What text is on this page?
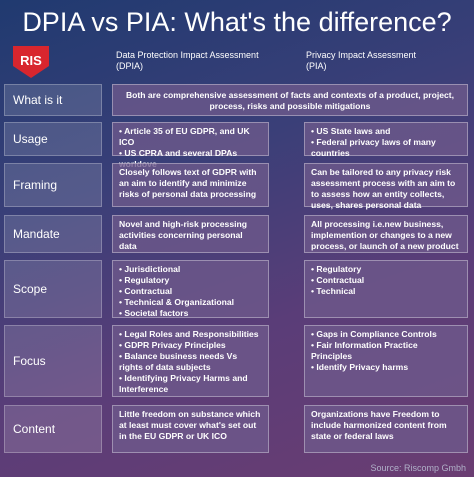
DPIA vs PIA: What's the difference?
RIS	Data Protection Impact Assessment
(DPIA)
Privacy Impact Assessment
(PIA)
What is it	Both are comprehensive assessment of facts and contexts of a product, project, process, risks and possible mitigations
Usage
• Article 35 of EU GDPR, and UK ICO
• US CPRA and several DPAs
• US State laws and
• Federal privacy laws of many countries
Framing
Closely follows text of GDPR with an aim to identify and minimize risks of personal data processing
Can be tailored to any privacy risk assessment process with an aim to to assess how an entity collects, uses, shares personal data
Mandate
Novel and high-risk processing activities concerning personal data
All processing i.e.new business, implemention or changes to a new process, or launch of a new product
Scope
• Jurisdictional
• Regulatory
• Contractual
• Technical & Organizational
• Societal factors
• Regulatory
• Contractual
• Technical
Focus
• Legal Roles and Responsibilities
• GDPR Privacy Principles
• Balance business needs Vs rights of data subjects
• Identifying Privacy Harms and Interference
• Gaps in Compliance Controls
• Fair Information Practice Principles
• Identify Privacy harms
Content
Little freedom on substance which at least must cover what's set out in the EU GDPR or UK ICO
Organizations have Freedom to include harmonized content from state or federal laws
Source: Riscomp Gmbh
